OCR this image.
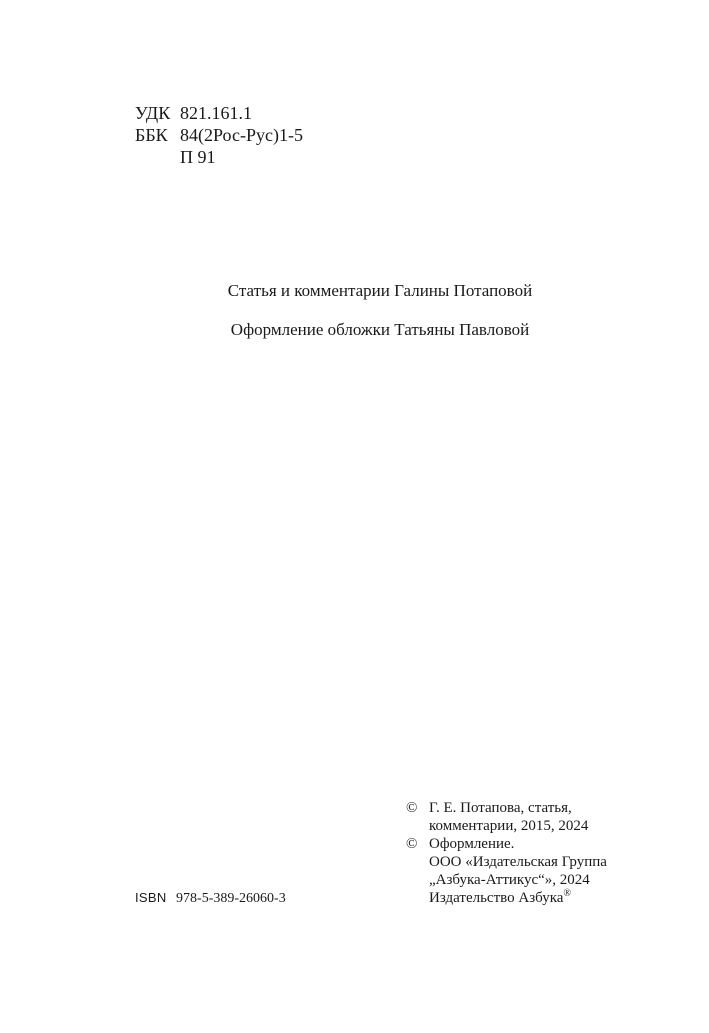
УДК 821.161.1
ББК 84(2Рос-Рус)1-5
П 91
Статья и комментарии Галины Потаповой
Оформление обложки Татьяны Павловой
© Г. Е. Потапова, статья,
комментарии, 2015, 2024
© Оформление.
ООО «Издательская Группа
„Азбука-Аттикус“», 2024
Издательство Азбука®
ISBN 978-5-389-26060-3
